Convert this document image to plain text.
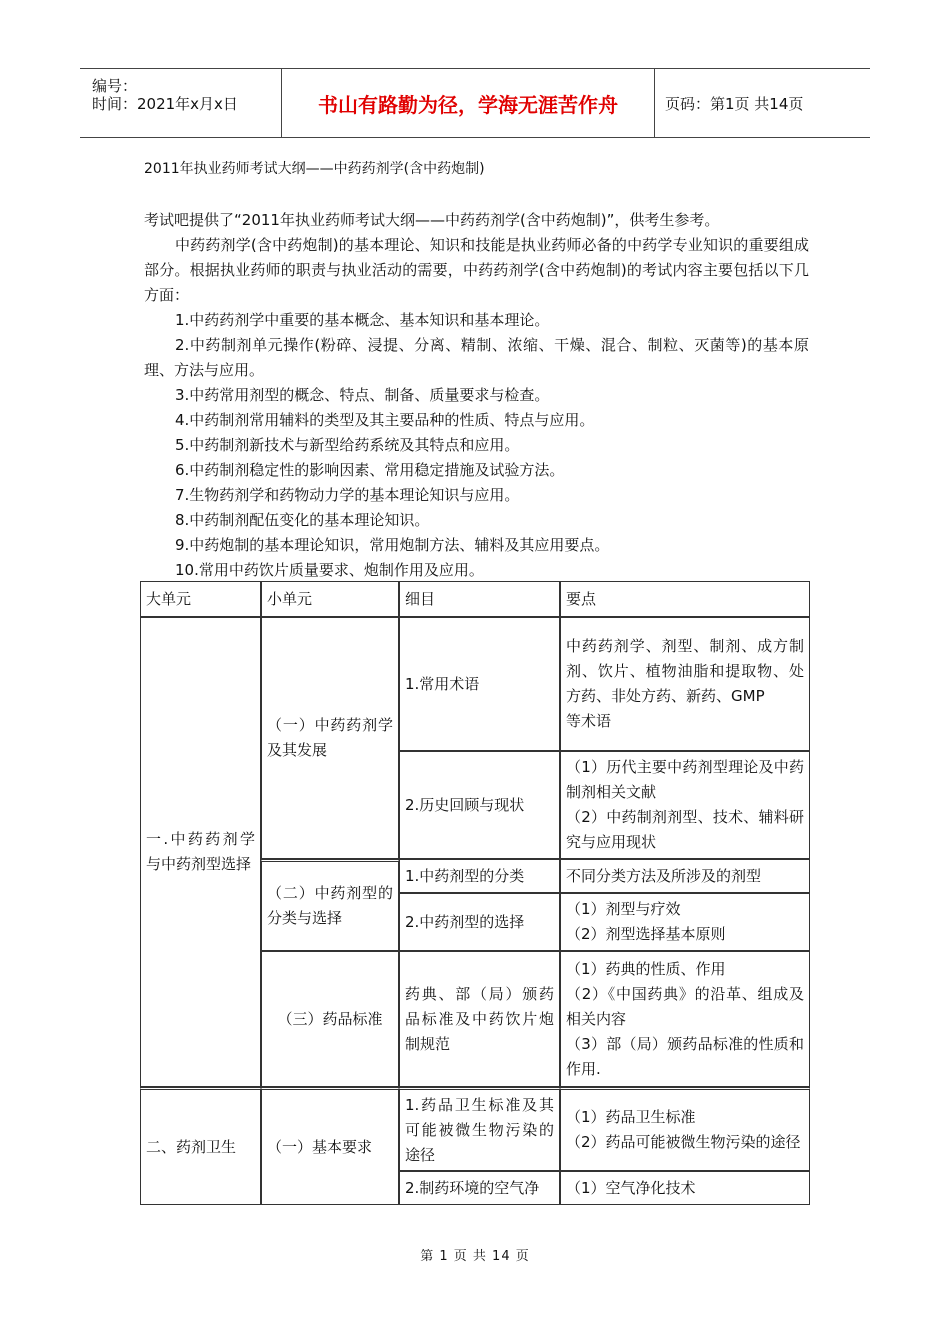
编号：
时间：2021年x月x日	书山有路勤为径，学海无涯苦作舟	页码：第1页 共14页
2011年执业药师考试大纲——中药药剂学(含中药炮制)
考试吧提供了“2011年执业药师考试大纲——中药药剂学(含中药炮制)”，供考生参考。
中药药剂学(含中药炮制)的基本理论、知识和技能是执业药师必备的中药学专业知识的重要组成部分。根据执业药师的职责与执业活动的需要，中药药剂学(含中药炮制)的考试内容主要包括以下几方面：
1.中药药剂学中重要的基本概念、基本知识和基本理论。
2.中药制剂单元操作(粉碎、浸提、分离、精制、浓缩、干燥、混合、制粒、灭菌等)的基本原理、方法与应用。
3.中药常用剂型的概念、特点、制备、质量要求与检查。
4.中药制剂常用辅料的类型及其主要品种的性质、特点与应用。
5.中药制剂新技术与新型给药系统及其特点和应用。
6.中药制剂稳定性的影响因素、常用稳定措施及试验方法。
7.生物药剂学和药物动力学的基本理论知识与应用。
8.中药制剂配伍变化的基本理论知识。
9.中药炮制的基本理论知识，常用炮制方法、辅料及其应用要点。
10.常用中药饮片质量要求、炮制作用及应用。
大单元	小单元	细目	要点
一.中药药剂学与中药剂型选择	（一）中药药剂学及其发展	1.常用术语	中药药剂学、剂型、制剂、成方制剂、饮片、植物油脂和提取物、处方药、非处方药、新药、GMP
等术语

		2.历史回顾与现状	（1）历代主要中药剂型理论及中药制剂相关文献
（2）中药制剂剂型、技术、辅料研究与应用现状

	（二）中药剂型的分类与选择	1.中药剂型的分类	不同分类方法及所涉及的剂型

		2.中药剂型的选择	（1）剂型与疗效
（2）剂型选择基本原则

	（三）药品标准	药典、部（局）颁药品标准及中药饮片炮制规范	（1）药典的性质、作用
（2）《中国药典》的沿革、组成及相关内容
（3）部（局）颁药品标准的性质和作用.

二、药剂卫生	（一）基本要求	1.药品卫生标准及其可能被微生物污染的途径	（1）药品卫生标准
（2）药品可能被微生物污染的途径

		2.制药环境的空气净	（1）空气净化技术
第 1 页 共 14 页
